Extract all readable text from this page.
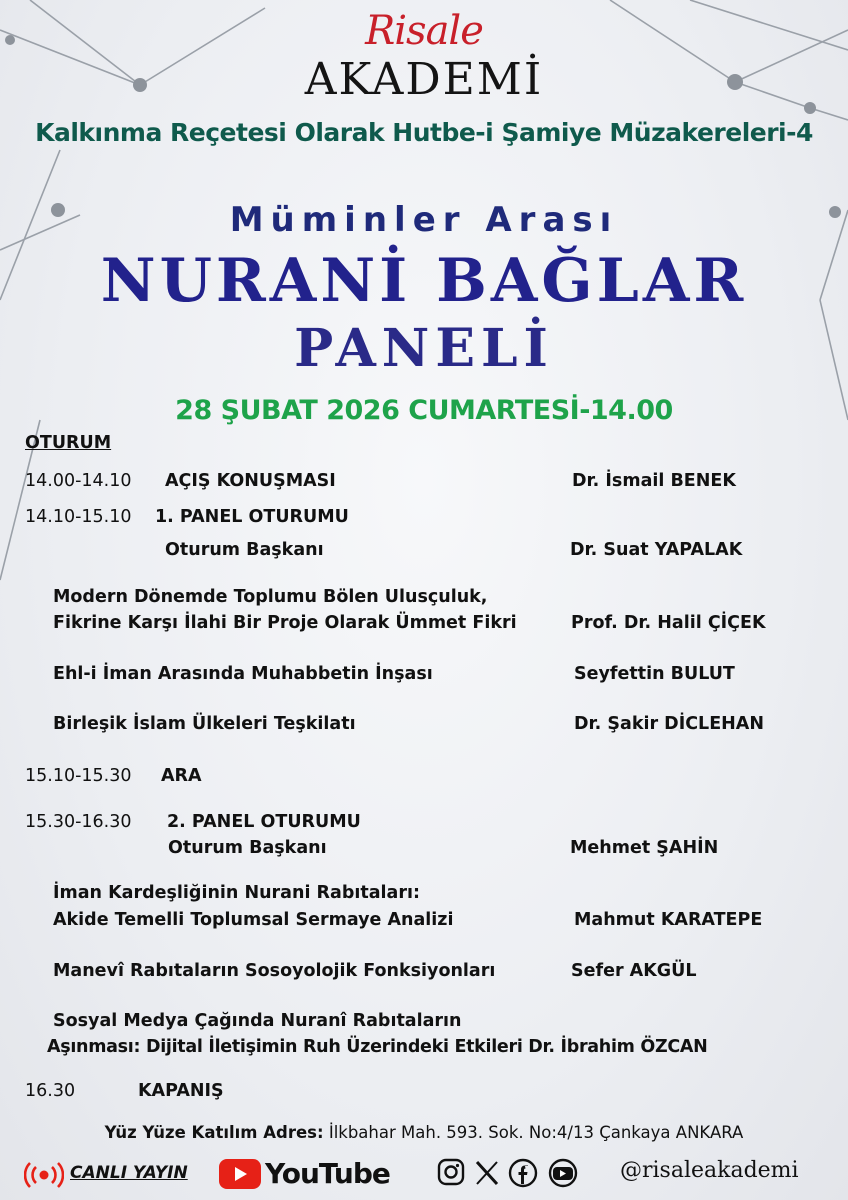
Risale
AKADEMİ
Kalkınma Reçetesi Olarak Hutbe-i Şamiye Müzakereleri-4
Müminler Arası
NURANİ BAĞLAR
PANELİ
28 ŞUBAT 2026 CUMARTESİ-14.00
OTURUM
14.00-14.10 AÇIŞ KONUŞMASI	Dr. İsmail BENEK
14.10-15.10 1. PANEL OTURUMU
Oturum Başkanı	Dr. Suat YAPALAK
Modern Dönemde Toplumu Bölen Ulusçuluk,
Fikrine Karşı İlahi Bir Proje Olarak Ümmet Fikri	Prof. Dr. Halil ÇİÇEK
Ehl-i İman Arasında Muhabbetin İnşası	Seyfettin BULUT
Birleşik İslam Ülkeleri Teşkilatı	Dr. Şakir DİCLEHAN
15.10-15.30 ARA
15.30-16.30 2. PANEL OTURUMU
Oturum Başkanı	Mehmet ŞAHİN
İman Kardeşliğinin Nurani Rabıtaları:
Akide Temelli Toplumsal Sermaye Analizi	Mahmut KARATEPE
Manevî Rabıtaların Sosoyolojik Fonksiyonları	Sefer AKGÜL
Sosyal Medya Çağında Nuranî Rabıtaların
Aşınması: Dijital İletişimin Ruh Üzerindeki Etkileri Dr. İbrahim ÖZCAN
16.30	KAPANIŞ
Yüz Yüze Katılım Adres: İlkbahar Mah. 593. Sok. No:4/13 Çankaya ANKARA
CANLI YAYIN	YouTube	@risaleakademi
